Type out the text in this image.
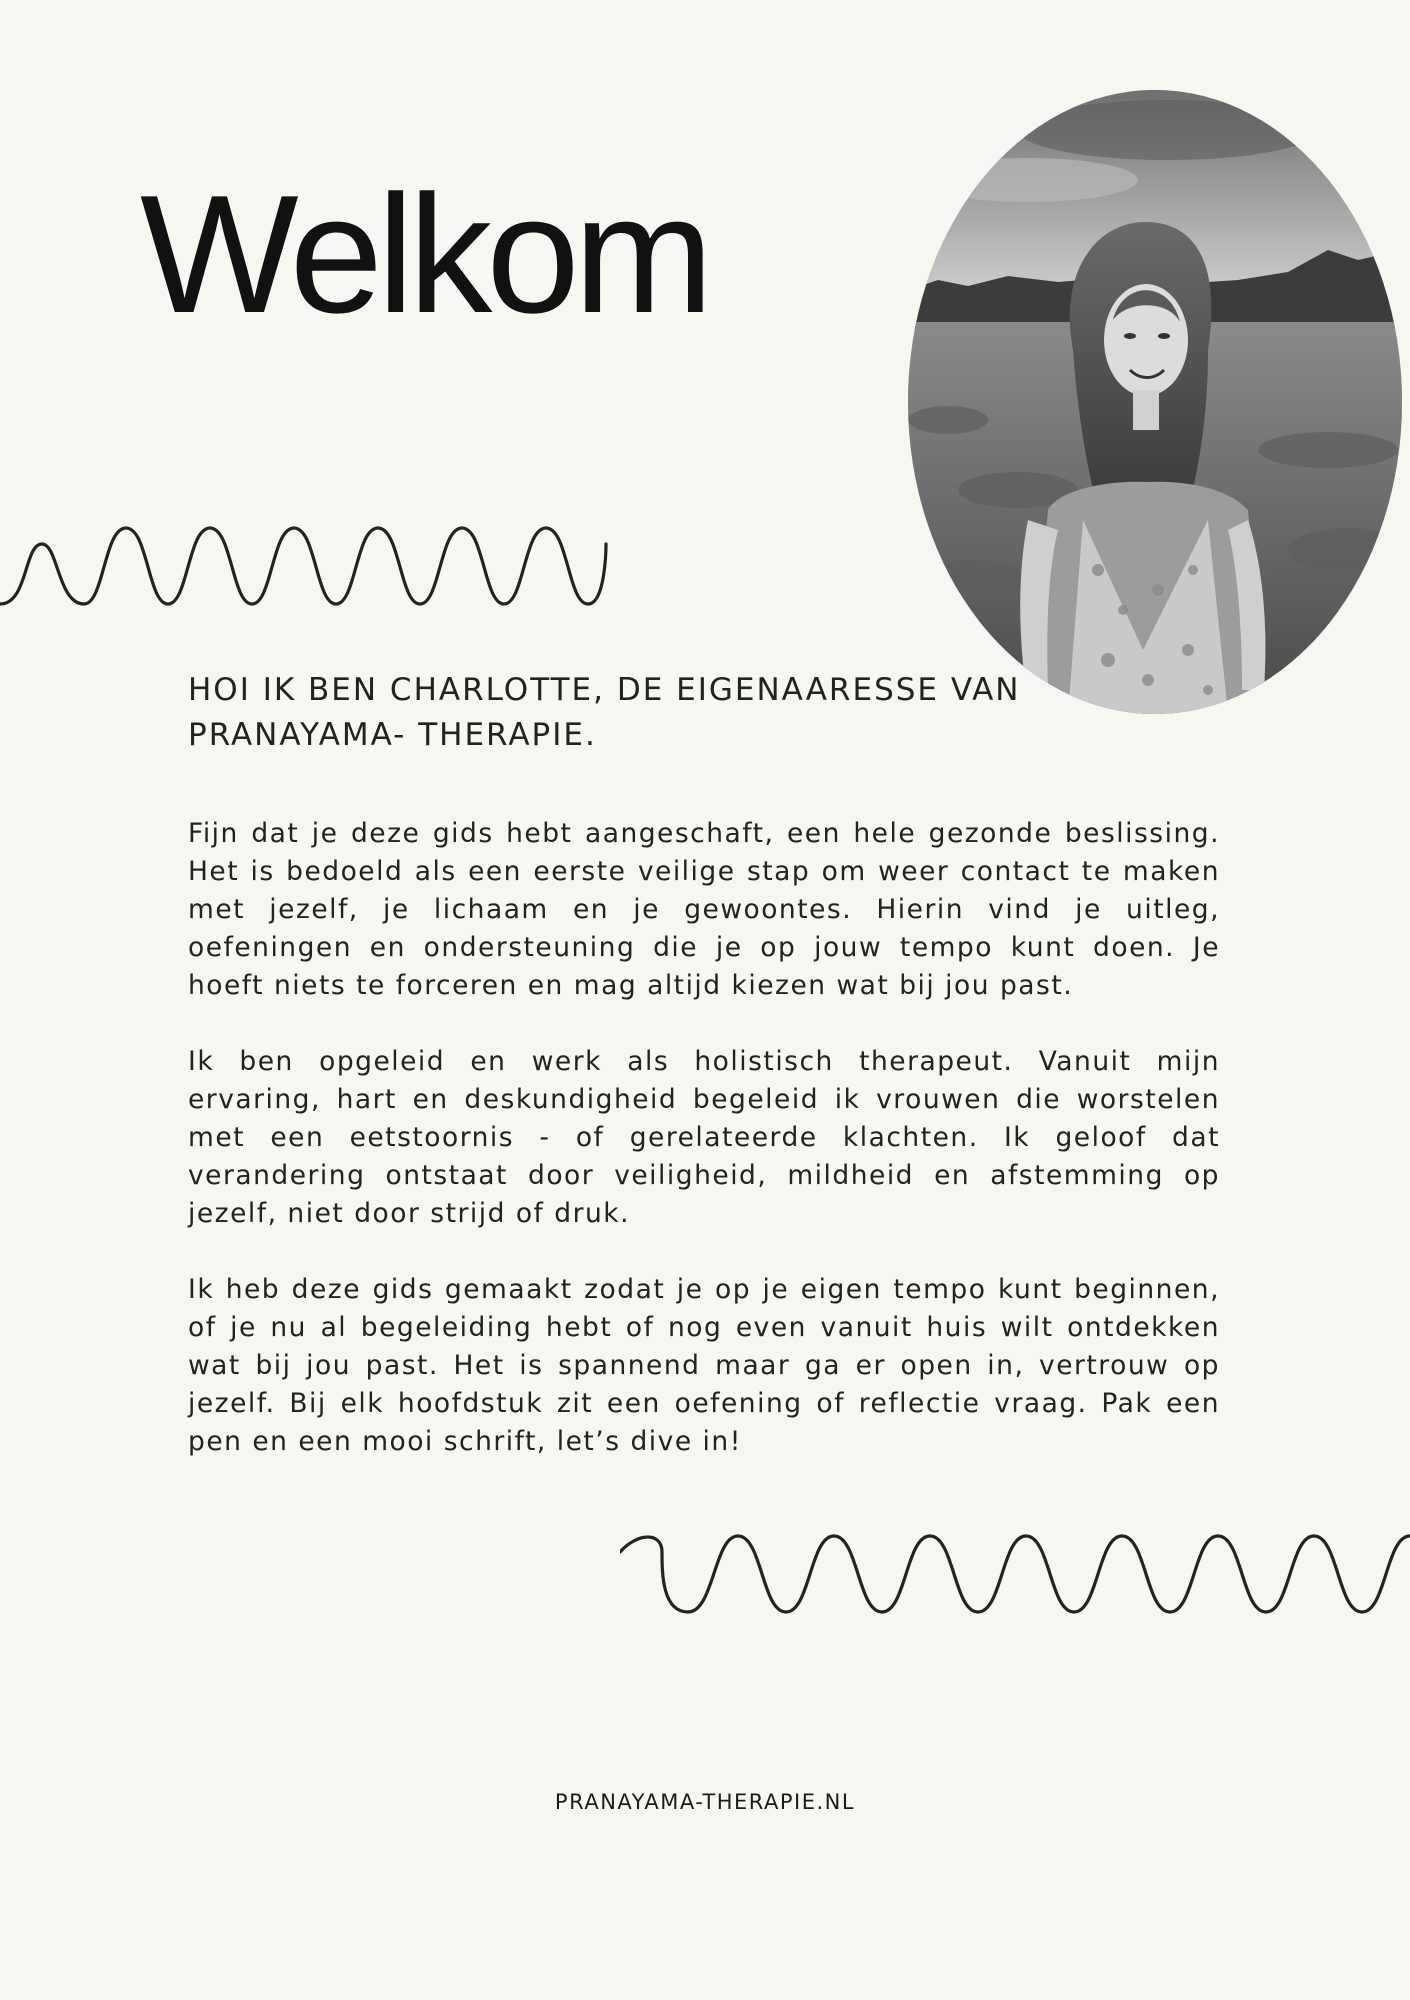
Welkom

HOI IK BEN CHARLOTTE, DE EIGENAARESSE VAN PRANAYAMA- THERAPIE.

Fijn dat je deze gids hebt aangeschaft, een hele gezonde beslissing. Het is bedoeld als een eerste veilige stap om weer contact te maken met jezelf, je lichaam en je gewoontes. Hierin vind je uitleg, oefeningen en ondersteuning die je op jouw tempo kunt doen. Je hoeft niets te forceren en mag altijd kiezen wat bij jou past.

Ik ben opgeleid en werk als holistisch therapeut. Vanuit mijn ervaring, hart en deskundigheid begeleid ik vrouwen die worstelen met een eetstoornis - of gerelateerde klachten. Ik geloof dat verandering ontstaat door veiligheid, mildheid en afstemming op jezelf, niet door strijd of druk.

Ik heb deze gids gemaakt zodat je op je eigen tempo kunt beginnen, of je nu al begeleiding hebt of nog even vanuit huis wilt ontdekken wat bij jou past. Het is spannend maar ga er open in, vertrouw op jezelf. Bij elk hoofdstuk zit een oefening of reflectie vraag. Pak een pen en een mooi schrift, let’s dive in!

PRANAYAMA-THERAPIE.NL
